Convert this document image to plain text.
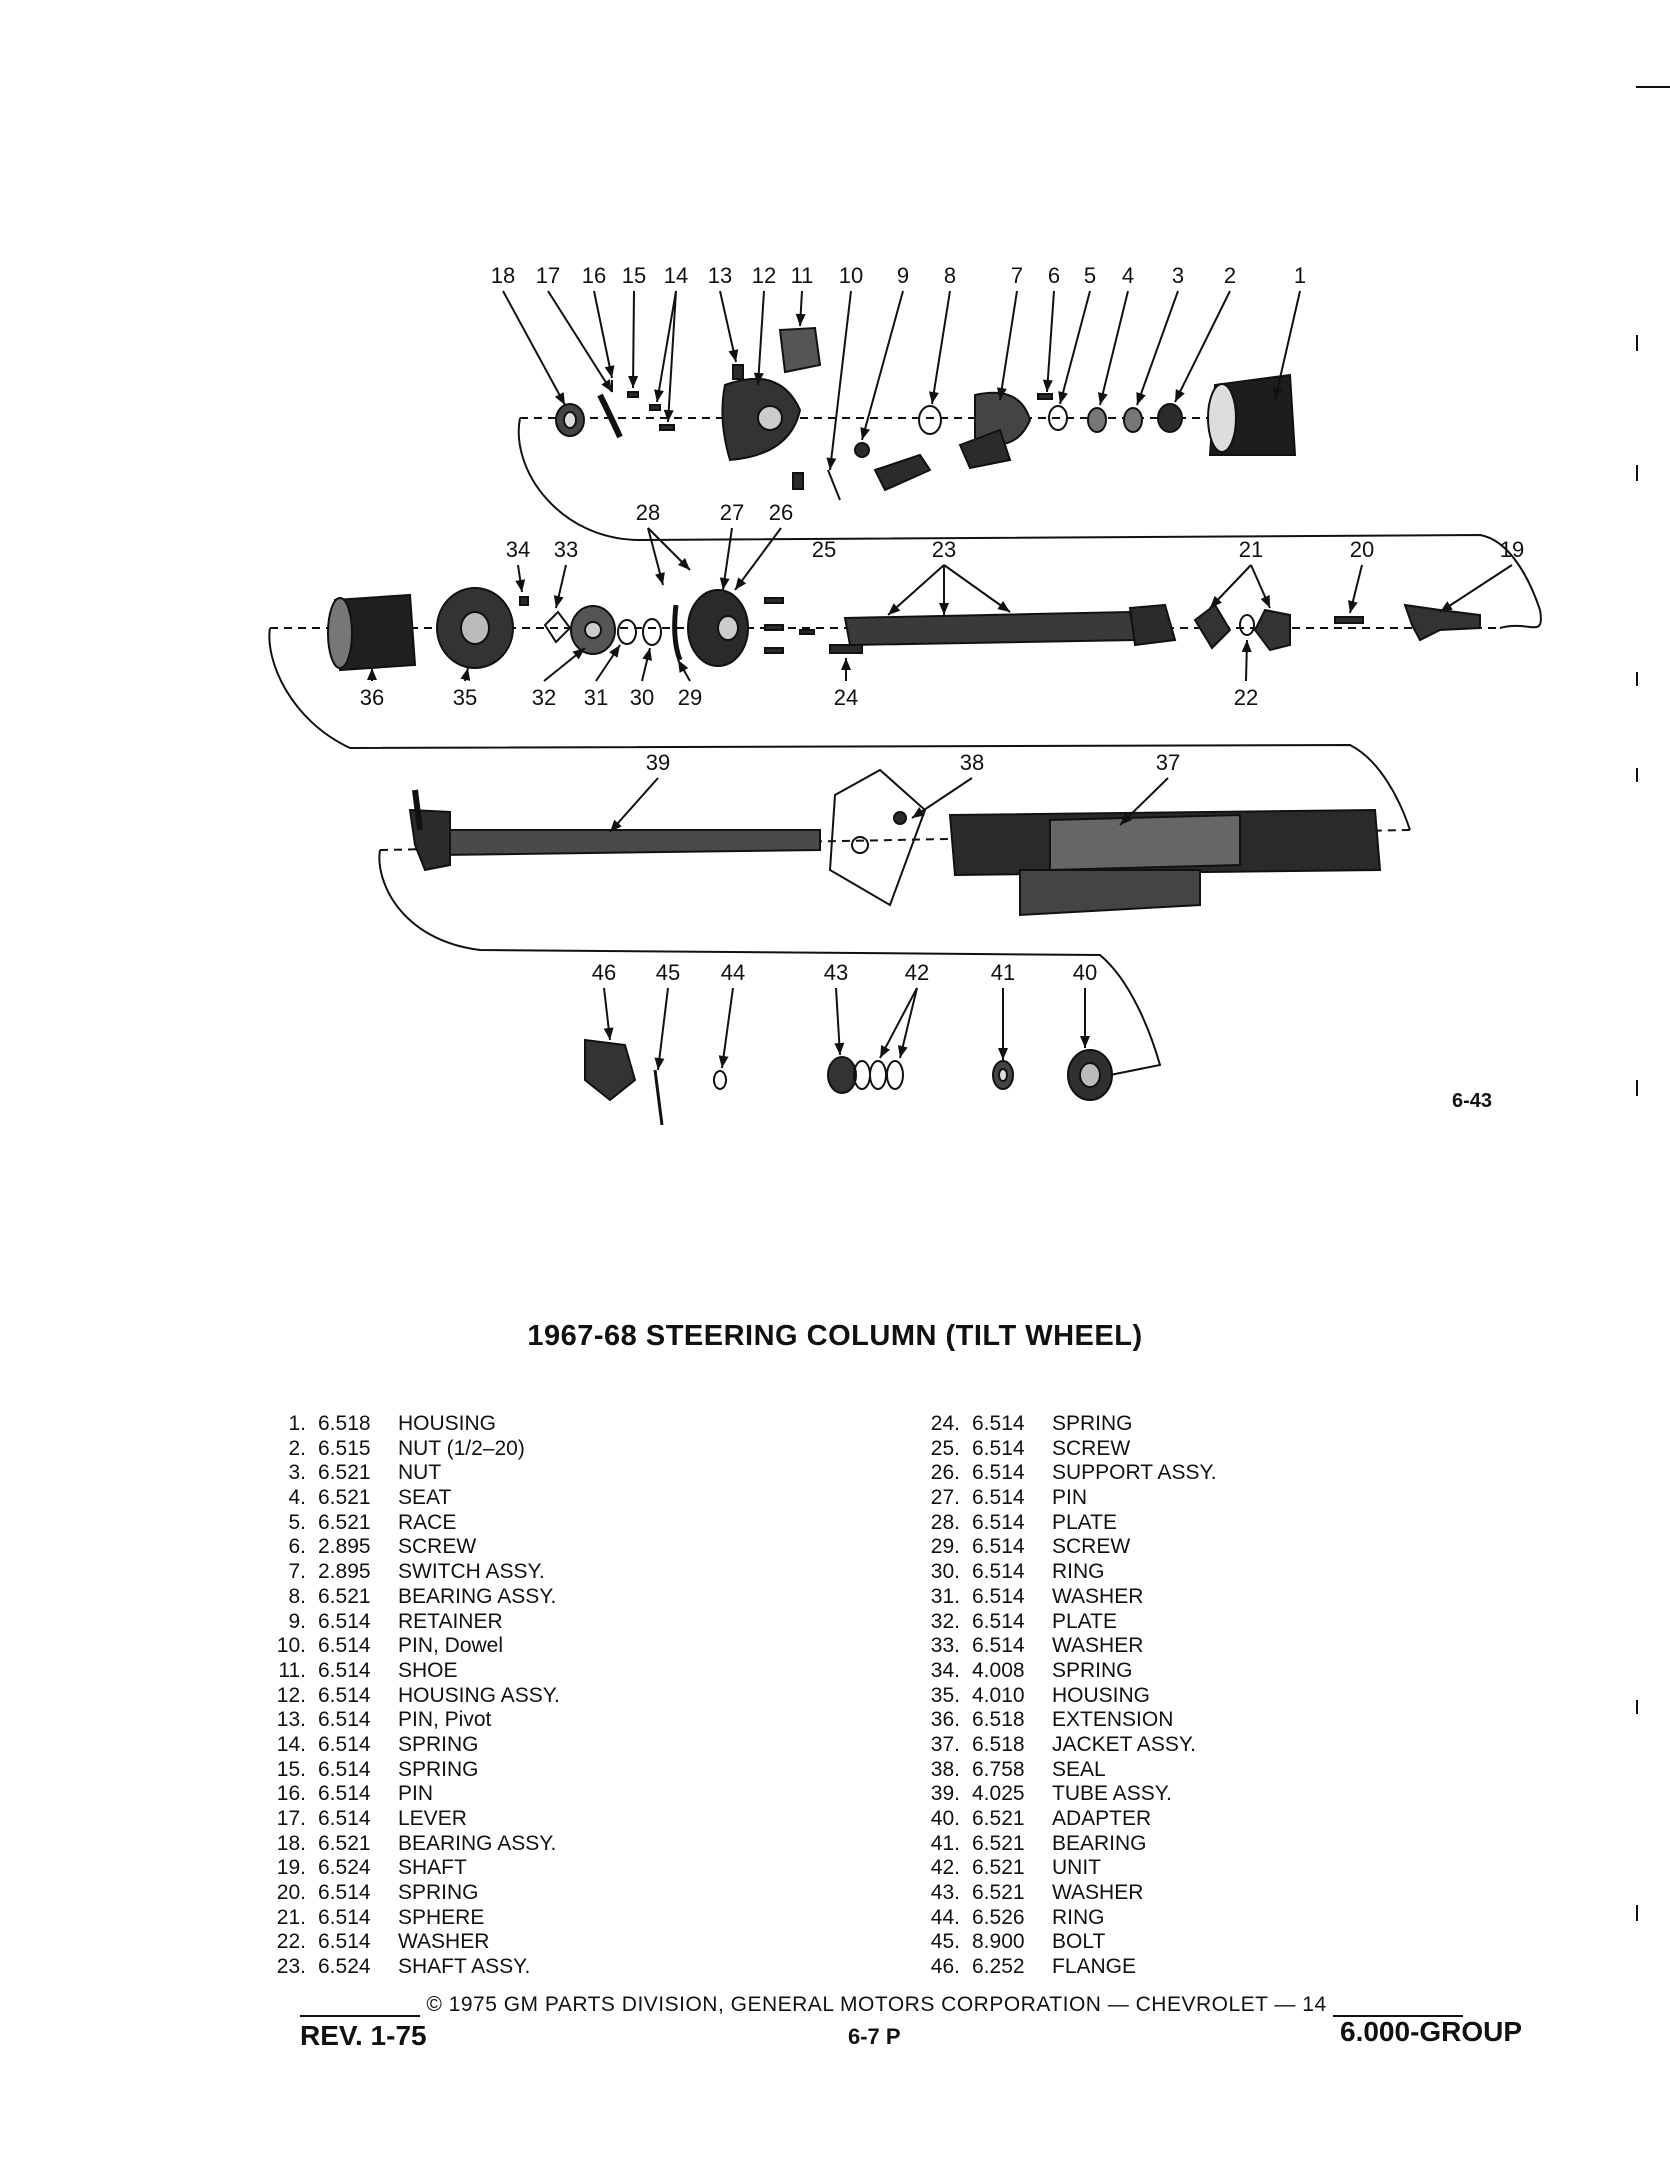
1
2
3
4
5
6
7
8
9
10
11
12
13
14
15
16
17
18
19
20
21
22
23
24
25
26
27
28
29
30
31
32
33
34
35
36
37
38
39
40
41
42
43
44
45
46
6-43
1967-68 STEERING COLUMN (TILT WHEEL)
1. 6.518	HOUSING
2. 6.515	NUT (1/2–20)
3. 6.521	NUT
4. 6.521	SEAT
5. 6.521	RACE
6. 2.895	SCREW
7. 2.895	SWITCH ASSY.
8. 6.521	BEARING ASSY.
9. 6.514	RETAINER
10. 6.514	PIN, Dowel
11. 6.514	SHOE
12. 6.514	HOUSING ASSY.
13. 6.514	PIN, Pivot
14. 6.514	SPRING
15. 6.514	SPRING
16. 6.514	PIN
17. 6.514	LEVER
18. 6.521	BEARING ASSY.
19. 6.524	SHAFT
20. 6.514	SPRING
21. 6.514	SPHERE
22. 6.514	WASHER
23. 6.524	SHAFT ASSY.
24. 6.514	SPRING
25. 6.514	SCREW
26. 6.514	SUPPORT ASSY.
27. 6.514	PIN
28. 6.514	PLATE
29. 6.514	SCREW
30. 6.514	RING
31. 6.514	WASHER
32. 6.514	PLATE
33. 6.514	WASHER
34. 4.008	SPRING
35. 4.010	HOUSING
36. 6.518	EXTENSION
37. 6.518	JACKET ASSY.
38. 6.758	SEAL
39. 4.025	TUBE ASSY.
40. 6.521	ADAPTER
41. 6.521	BEARING
42. 6.521	UNIT
43. 6.521	WASHER
44. 6.526	RING
45. 8.900	BOLT
46. 6.252	FLANGE
© 1975 GM PARTS DIVISION, GENERAL MOTORS CORPORATION — CHEVROLET — 14
REV. 1-75	6-7 P	6.000-GROUP
